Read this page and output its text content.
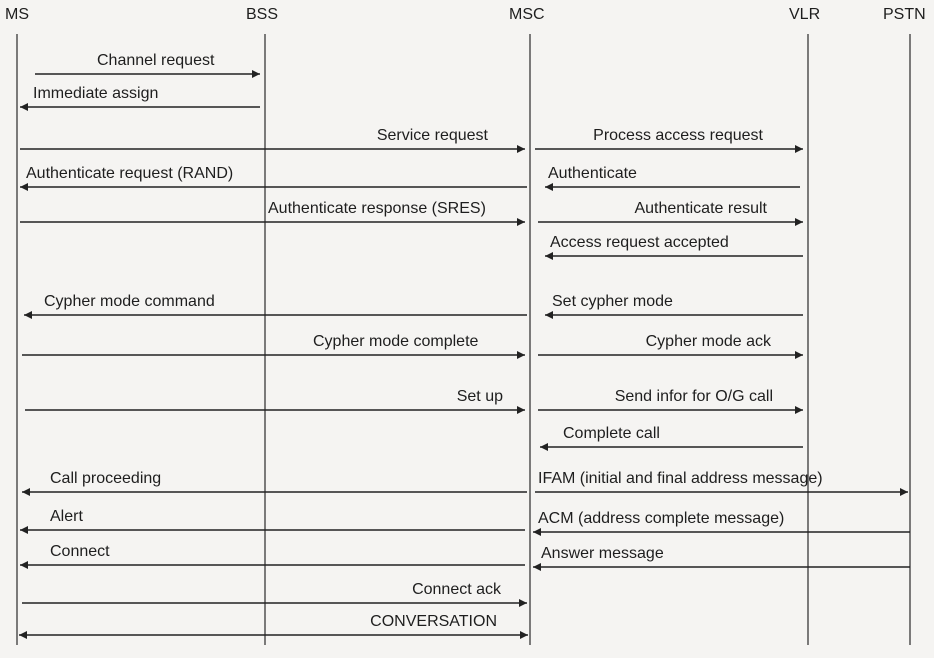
MS	BSS	MSC	VLR	PSTN
Channel request
Immediate assign
Service request	Process access request
Authenticate request (RAND)	Authenticate
Authenticate response (SRES)	Authenticate result
Access request accepted
Cypher mode command	Set cypher mode
Cypher mode complete	Cypher mode ack
Set up	Send infor for O/G call
Complete call
Call proceeding	IFAM (initial and final address message)
Alert	ACM (address complete message)
Connect	Answer message
Connect ack
CONVERSATION
